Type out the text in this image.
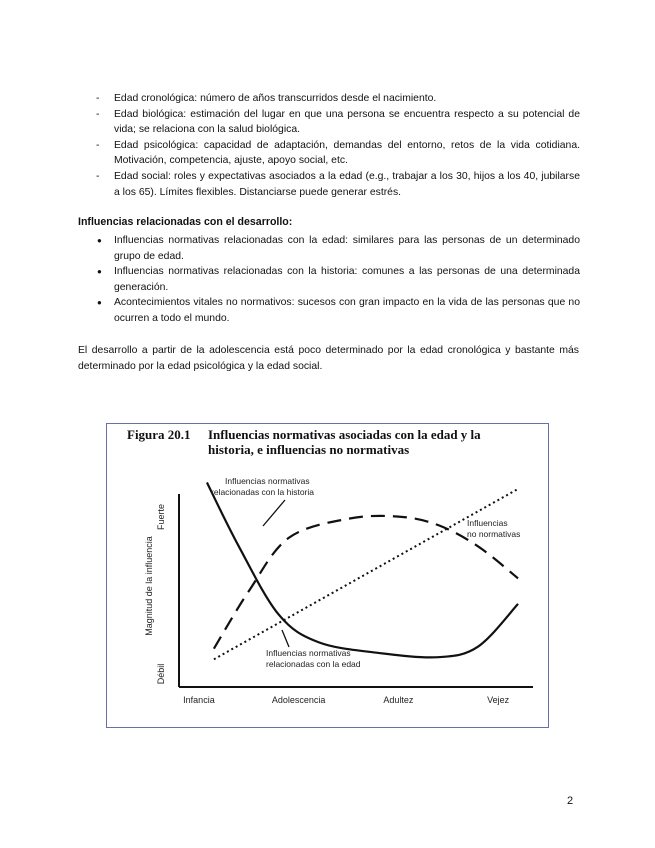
- Edad cronológica: número de años transcurridos desde el nacimiento.
- Edad biológica: estimación del lugar en que una persona se encuentra respecto a su potencial de vida; se relaciona con la salud biológica.
- Edad psicológica: capacidad de adaptación, demandas del entorno, retos de la vida cotidiana. Motivación, competencia, ajuste, apoyo social, etc.
- Edad social: roles y expectativas asociados a la edad (e.g., trabajar a los 30, hijos a los 40, jubilarse a los 65). Límites flexibles. Distanciarse puede generar estrés.

Influencias relacionadas con el desarrollo:

● Influencias normativas relacionadas con la edad: similares para las personas de un determinado grupo de edad.
● Influencias normativas relacionadas con la historia: comunes a las personas de una determinada generación.
● Acontecimientos vitales no normativos: sucesos con gran impacto en la vida de las personas que no ocurren a todo el mundo.

El desarrollo a partir de la adolescencia está poco determinado por la edad cronológica y bastante más determinado por la edad psicológica y la edad social.

Figura 20.1 Influencias normativas asociadas con la edad y la
historia, e influencias no normativas
Magnitud de la influencia
Fuerte
Débil
Infancia	Adolescencia	Adultez	Vejez
Influencias normativas
relacionadas con la historia
Influencias
no normativas
Influencias normativas
relacionadas con la edad
2
